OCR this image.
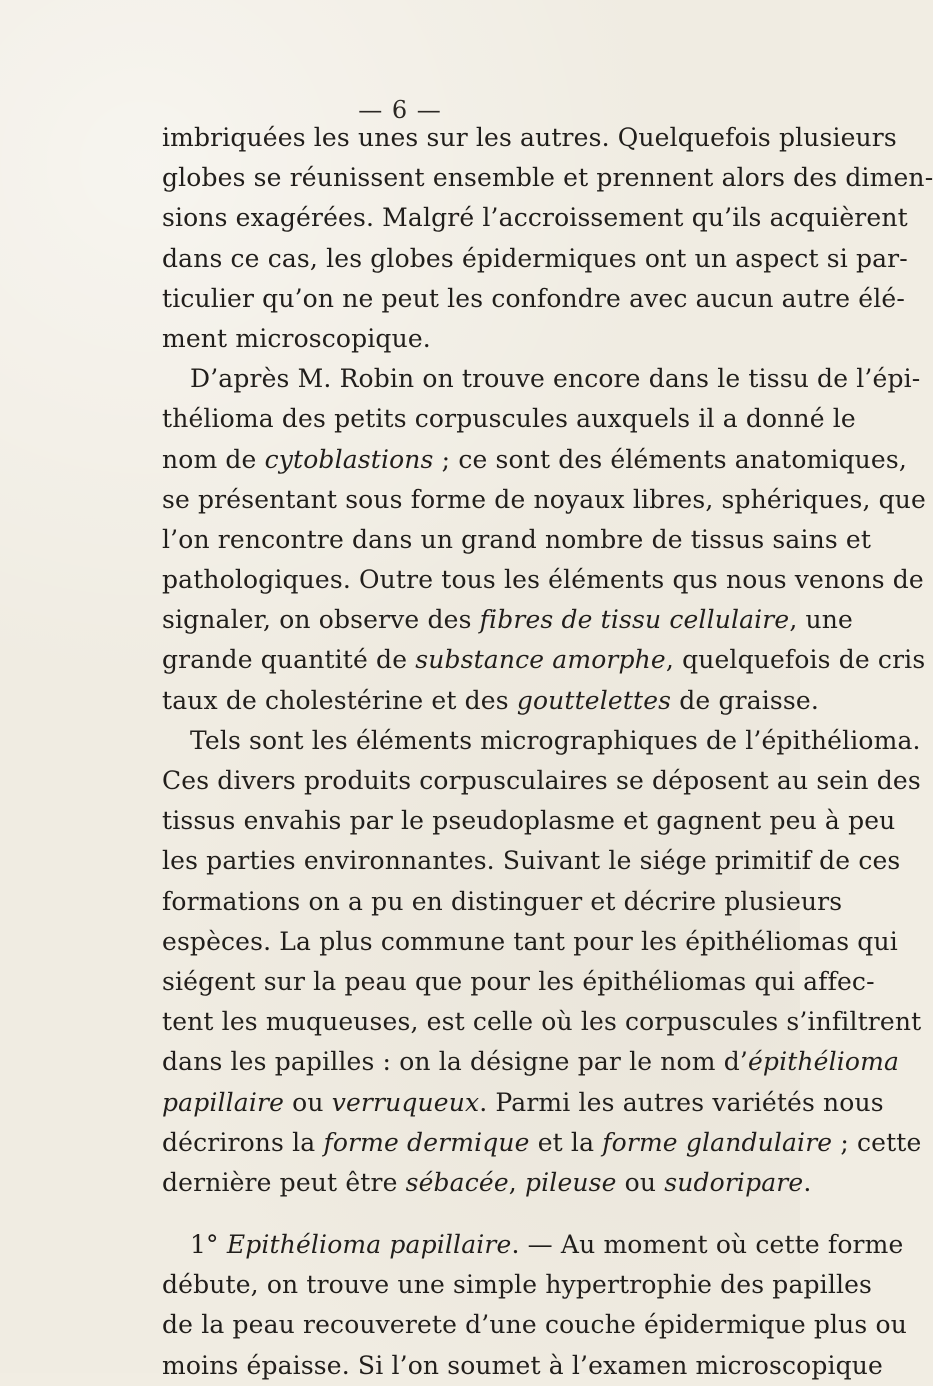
— 6 —
imbriquées les unes sur les autres. Quelquefois plusieurs
globes se réunissent ensemble et prennent alors des dimen-
sions exagérées. Malgré l’accroissement qu’ils acquièrent
dans ce cas, les globes épidermiques ont un aspect si par-
ticulier qu’on ne peut les confondre avec aucun autre élé-
ment microscopique.
D’après M. Robin on trouve encore dans le tissu de l’épi-
thélioma des petits corpuscules auxquels il a donné le
nom de cytoblastions ; ce sont des éléments anatomiques,
se présentant sous forme de noyaux libres, sphériques, que
l’on rencontre dans un grand nombre de tissus sains et
pathologiques. Outre tous les éléments qus nous venons de
signaler, on observe des fibres de tissu cellulaire, une
grande quantité de substance amorphe, quelquefois de cris
taux de cholestérine et des gouttelettes de graisse.
Tels sont les éléments micrographiques de l’épithélioma.
Ces divers produits corpusculaires se déposent au sein des
tissus envahis par le pseudoplasme et gagnent peu à peu
les parties environnantes. Suivant le siége primitif de ces
formations on a pu en distinguer et décrire plusieurs
espèces. La plus commune tant pour les épithéliomas qui
siégent sur la peau que pour les épithéliomas qui affec-
tent les muqueuses, est celle où les corpuscules s’infiltrent
dans les papilles : on la désigne par le nom d’épithélioma
papillaire ou verruqueux. Parmi les autres variétés nous
décrirons la forme dermique et la forme glandulaire ; cette
dernière peut être sébacée, pileuse ou sudoripare.
1° Epithélioma papillaire. — Au moment où cette forme
débute, on trouve une simple hypertrophie des papilles
de la peau recouverete d’une couche épidermique plus ou
moins épaisse. Si l’on soumet à l’examen microscopique
